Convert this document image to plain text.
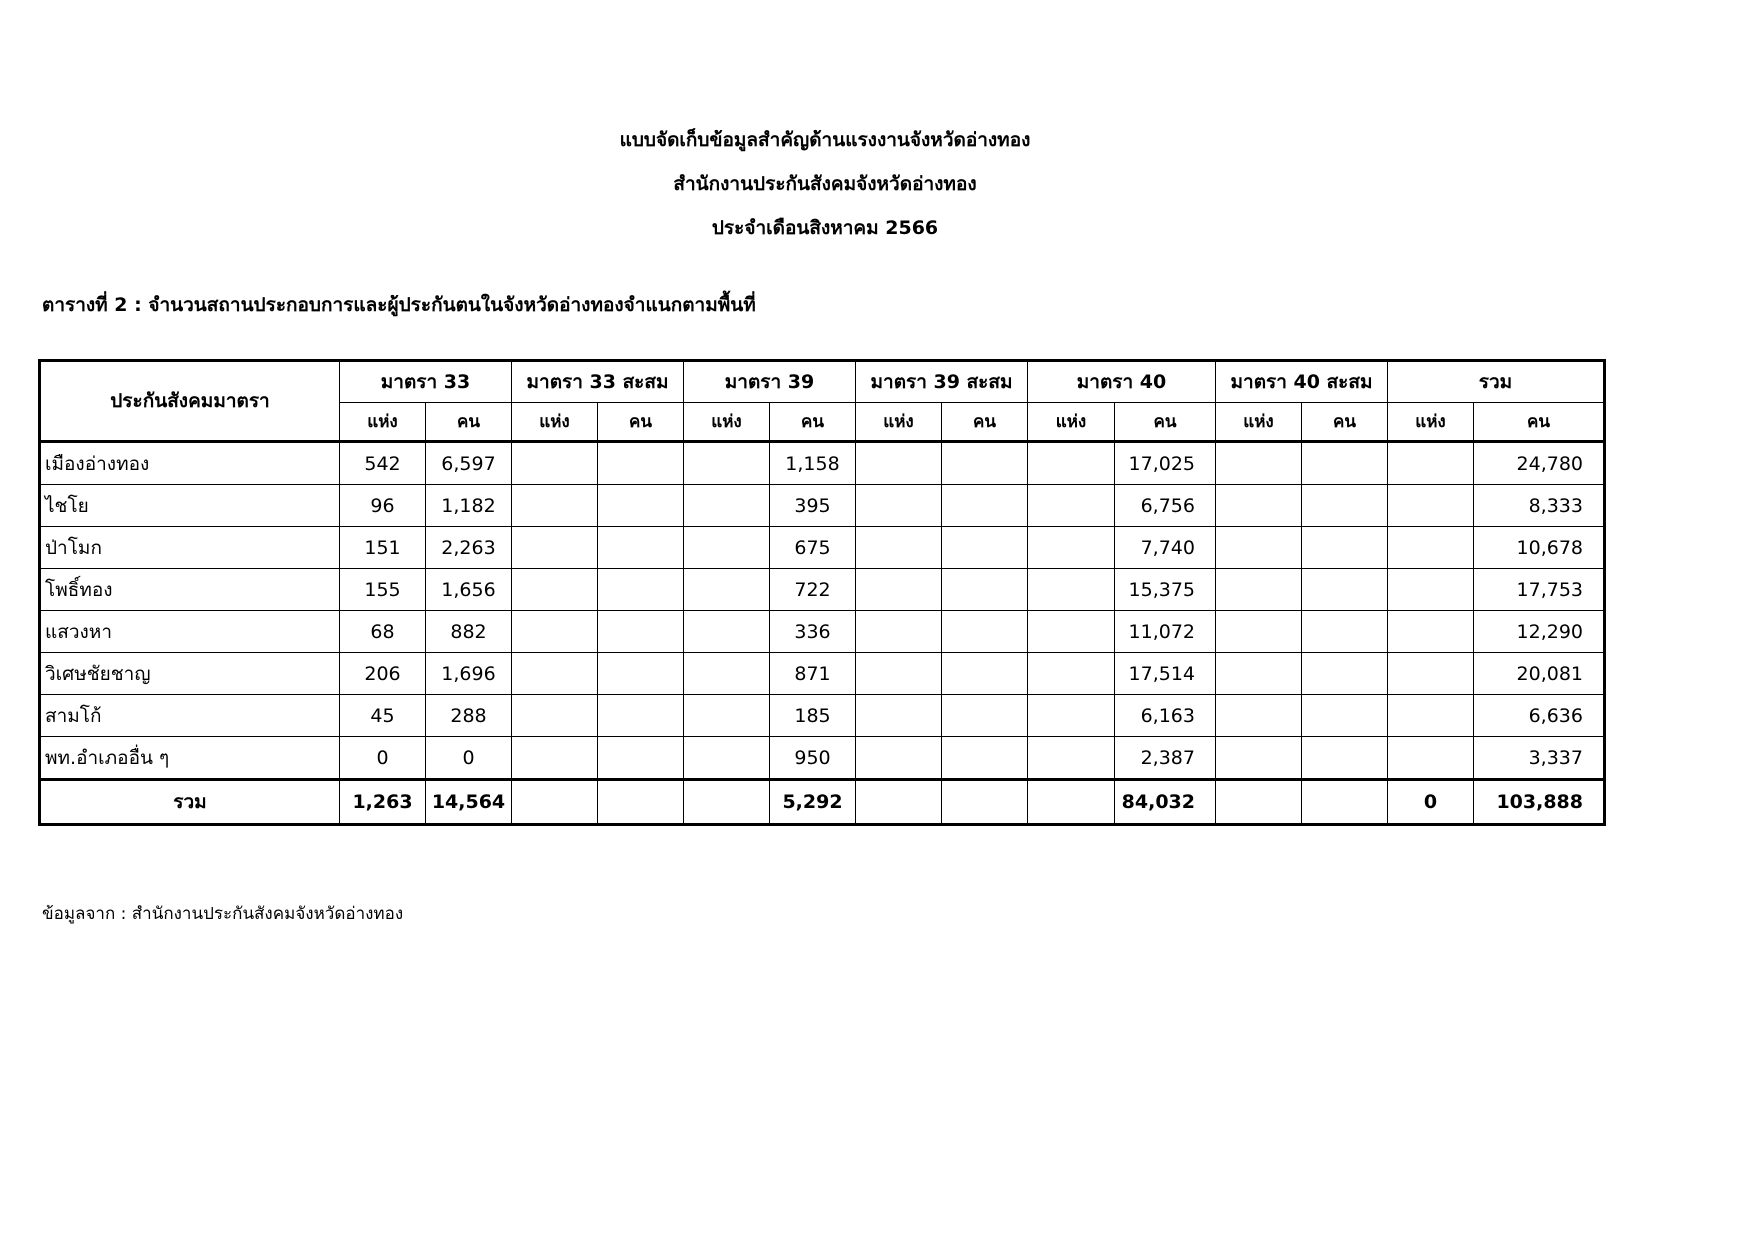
แบบจัดเก็บข้อมูลสำคัญด้านแรงงานจังหวัดอ่างทอง
สำนักงานประกันสังคมจังหวัดอ่างทอง
ประจำเดือนสิงหาคม 2566
ตารางที่ 2 : จำนวนสถานประกอบการและผู้ประกันตนในจังหวัดอ่างทองจำแนกตามพื้นที่
ประกันสังคมมาตรา	มาตรา 33		มาตรา 33 สะสม		มาตรา 39		มาตรา 39 สะสม		มาตรา 40		มาตรา 40 สะสม		รวม	
	แห่ง	คน	แห่ง	คน	แห่ง	คน	แห่ง	คน	แห่ง	คน	แห่ง	คน	แห่ง	คน
เมืองอ่างทอง	542	6,597				1,158				17,025				24,780
ไชโย	96	1,182				395				6,756				8,333
ป่าโมก	151	2,263				675				7,740				10,678
โพธิ์ทอง	155	1,656				722				15,375				17,753
แสวงหา	68	882				336				11,072				12,290
วิเศษชัยชาญ	206	1,696				871				17,514				20,081
สามโก้	45	288				185				6,163				6,636
พท.อำเภออื่น ๆ	0	0				950				2,387				3,337
รวม	1,263	14,564				5,292				84,032			0	103,888
ข้อมูลจาก : สำนักงานประกันสังคมจังหวัดอ่างทอง
